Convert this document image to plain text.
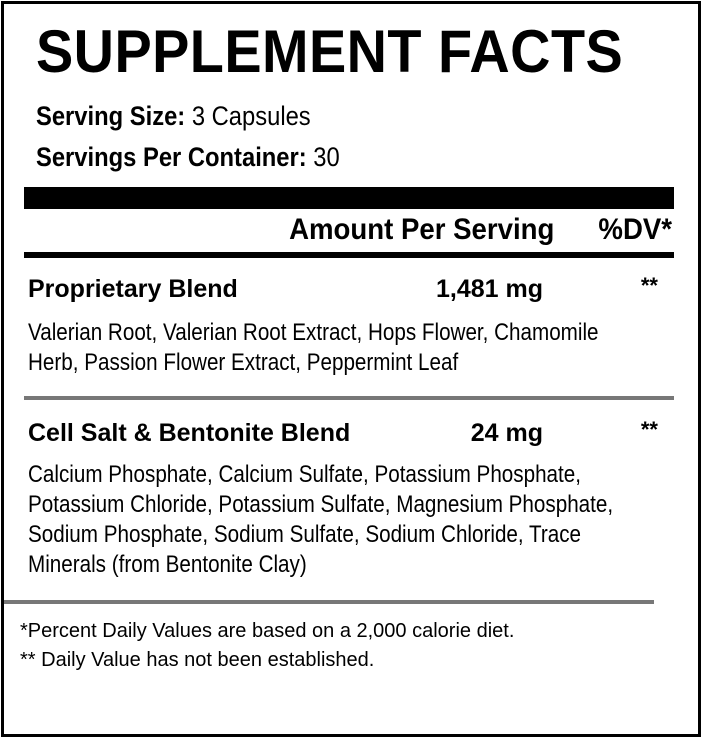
SUPPLEMENT FACTS
Serving Size: 3 Capsules
Servings Per Container: 30
Amount Per Serving %DV*
Proprietary Blend	1,481 mg	**
Valerian Root, Valerian Root Extract, Hops Flower, Chamomile Herb, Passion Flower Extract, Peppermint Leaf
Cell Salt & Bentonite Blend	24 mg	**
Calcium Phosphate, Calcium Sulfate, Potassium Phosphate, Potassium Chloride, Potassium Sulfate, Magnesium Phosphate, Sodium Phosphate, Sodium Sulfate, Sodium Chloride, Trace Minerals (from Bentonite Clay)
*Percent Daily Values are based on a 2,000 calorie diet.
** Daily Value has not been established.
